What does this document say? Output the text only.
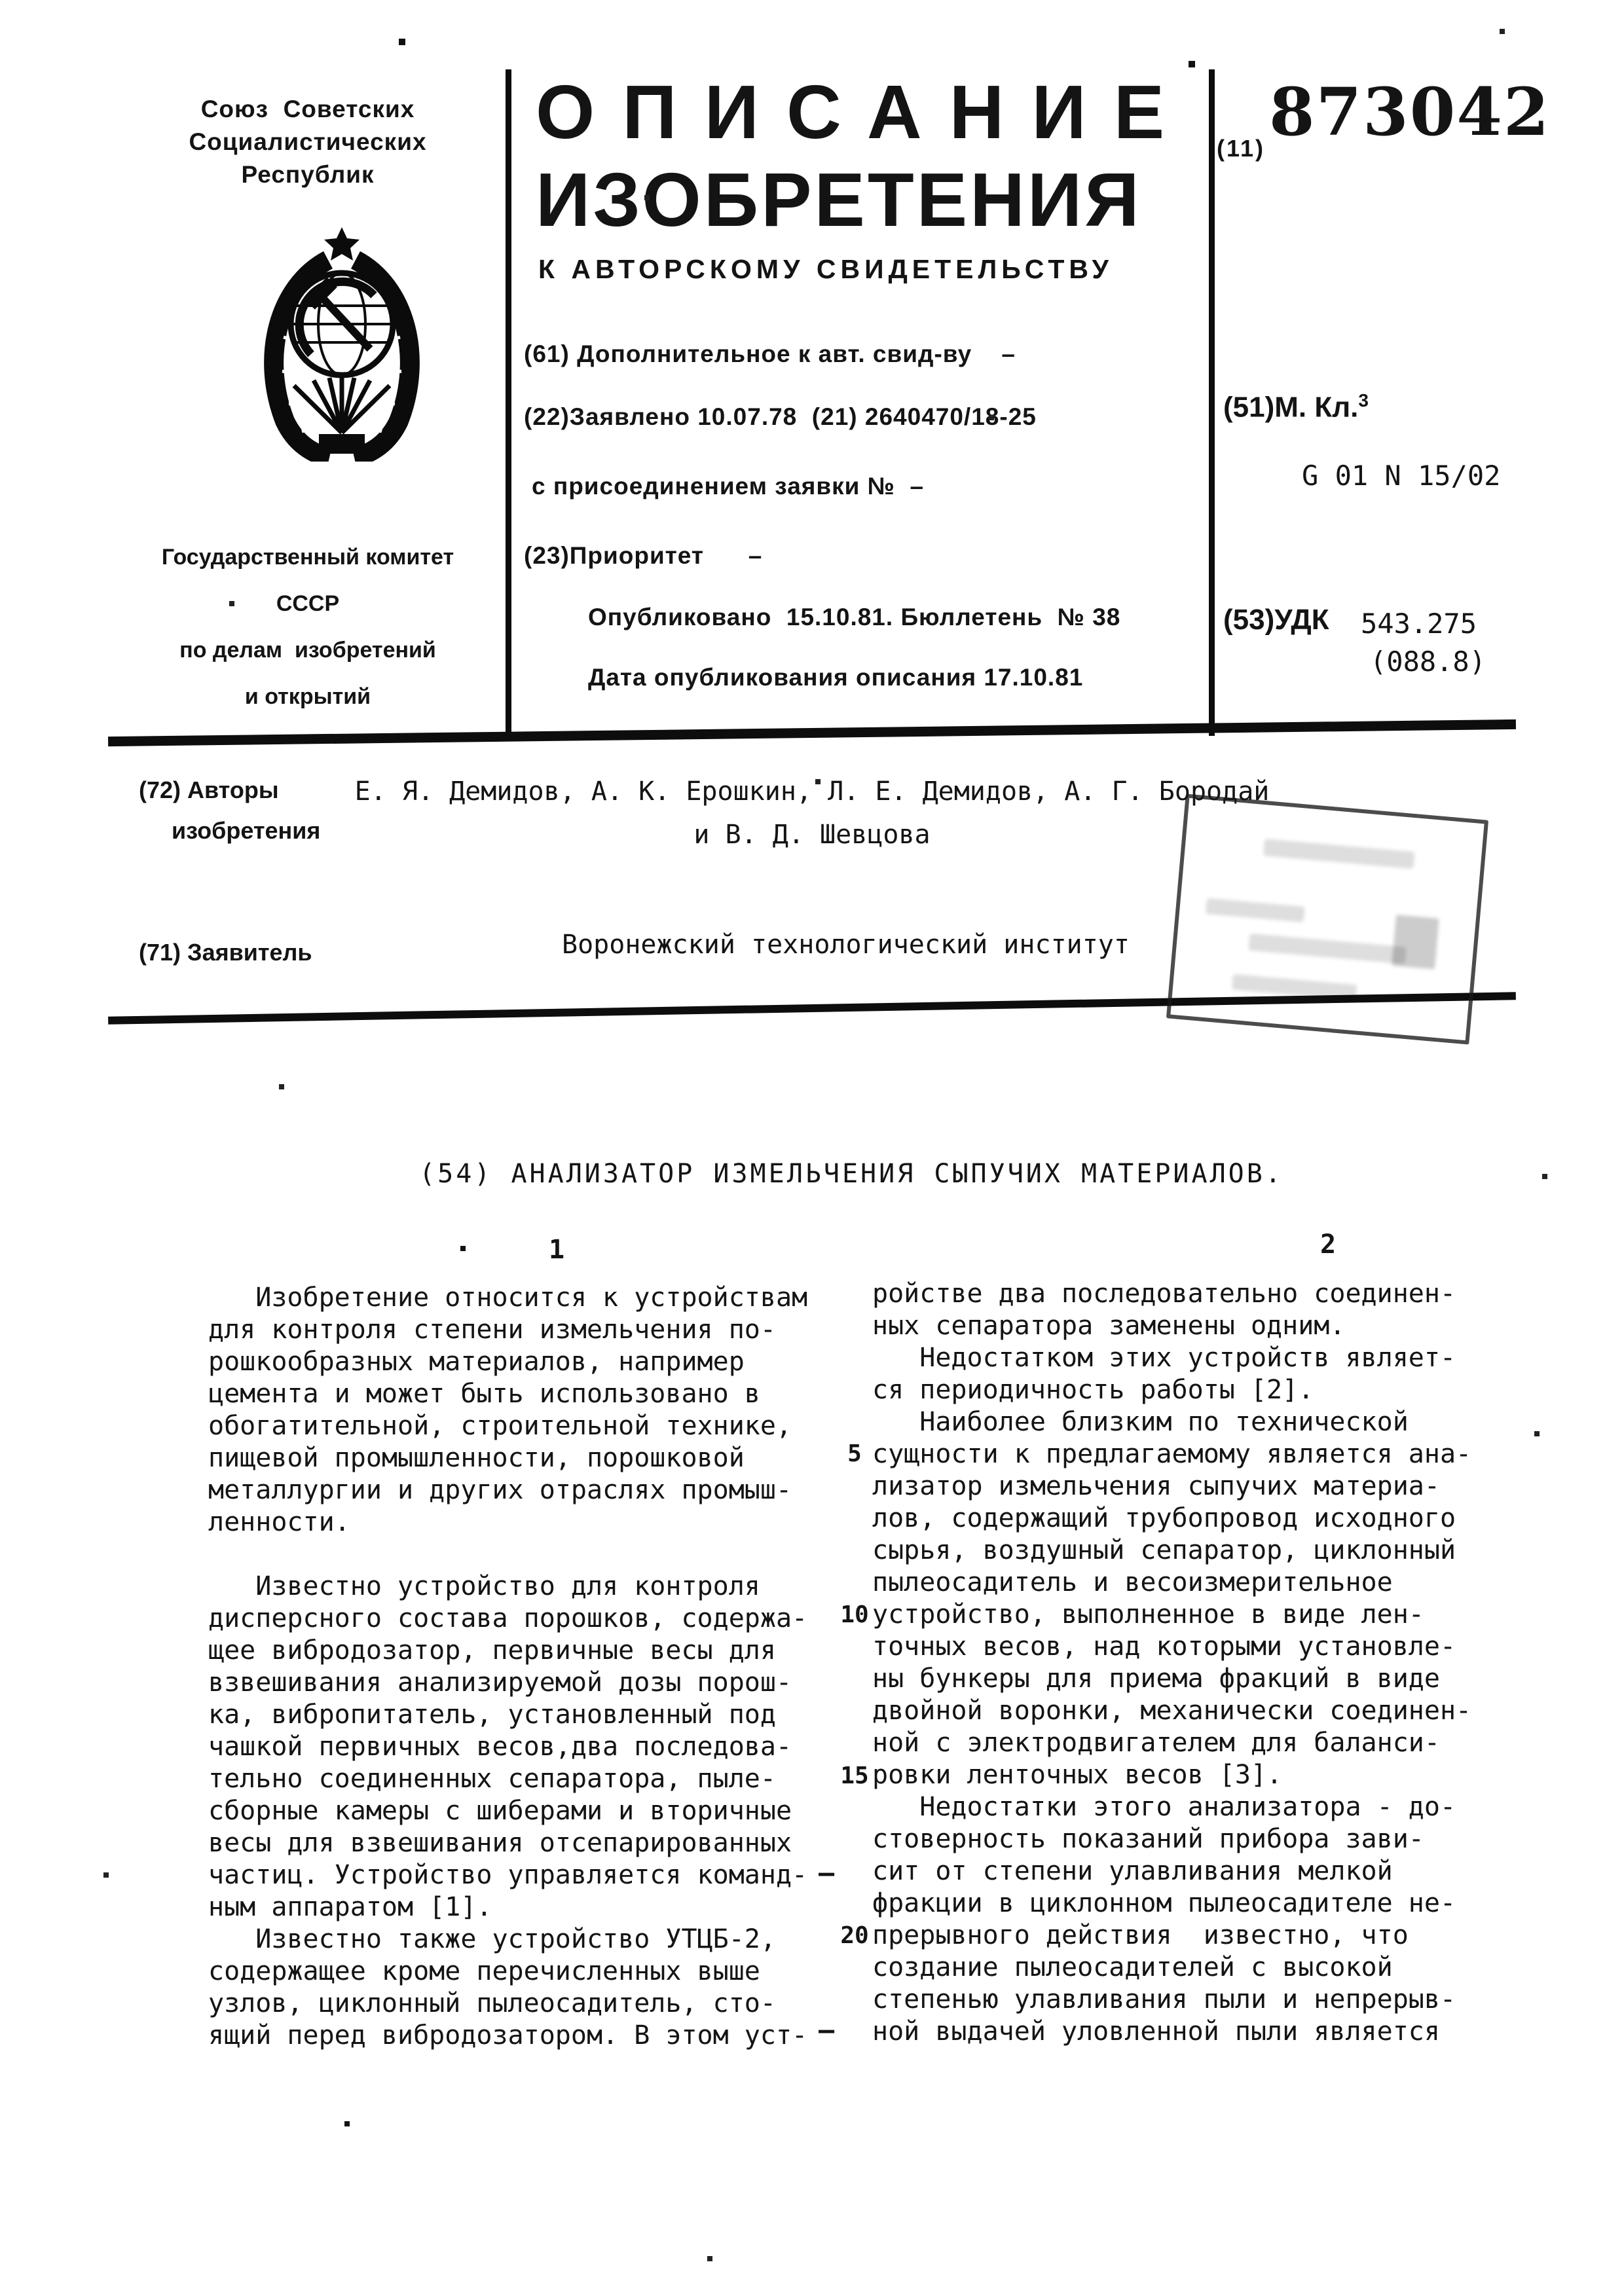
Союз  Советских
Социалистических
Республик
Государственный комитет
СССР
по делам  изобретений
и открытий
ОПИСАНИЕ
ИЗОБРЕТЕНИЯ
К АВТОРСКОМУ СВИДЕТЕЛЬСТВУ
(11) 873042
(61) Дополнительное к авт. свид-ву    –
(22)Заявлено 10.07.78  (21) 2640470/18-25
с присоединением заявки №  –
(23)Приоритет      –
Опубликовано  15.10.81. Бюллетень  № 38
Дата опубликования описания 17.10.81
(51)М. Кл.$^3$
G 01 N 15/02
(53)УДК 543.275
(088.8)
(72) Авторы
изобретения
Е. Я. Демидов, А. К. Ерошкин, Л. Е. Демидов, А. Г. Бородай
и В. Д. Шевцова
(71) Заявитель	Воронежский технологический институт
(54) АНАЛИЗАТОР ИЗМЕЛЬЧЕНИЯ СЫПУЧИХ МАТЕРИАЛОВ.
1	2
Изобретение относится к устройствам
для контроля степени измельчения по-
рошкообразных материалов, например
цемента и может быть использовано в
обогатительной, строительной технике,
пищевой промышленности, порошковой
металлургии и других отраслях промыш-
ленности.

Известно устройство для контроля
дисперсного состава порошков, содержа-
щее вибродозатор, первичные весы для
взвешивания анализируемой дозы порош-
ка, вибропитатель, установленный под
чашкой первичных весов,два последова-
тельно соединенных сепаратора, пыле-
сборные камеры с шиберами и вторичные
весы для взвешивания отсепарированных
частиц. Устройство управляется команд-
ным аппаратом [1].
Известно также устройство УТЦБ-2,
содержащее кроме перечисленных выше
узлов, циклонный пылеосадитель, сто-
ящий перед вибродозатором. В этом уст-
ройстве два последовательно соединен-
ных сепаратора заменены одним.
Недостатком этих устройств являет-
ся периодичность работы [2].
Наиболее близким по технической
сущности к предлагаемому является ана-
лизатор измельчения сыпучих материа-
лов, содержащий трубопровод исходного
сырья, воздушный сепаратор, циклонный
пылеосадитель и весоизмерительное
устройство, выполненное в виде лен-
точных весов, над которыми установле-
ны бункеры для приема фракций в виде
двойной воронки, механически соединен-
ной с электродвигателем для баланси-
ровки ленточных весов [3].
Недостатки этого анализатора - до-
стоверность показаний прибора зави-
сит от степени улавливания мелкой
фракции в циклонном пылеосадителе не-
прерывного действия  известно, что
создание пылеосадителей с высокой
степенью улавливания пыли и непрерыв-
ной выдачей уловленной пыли является
5
10
15
20
–
–
